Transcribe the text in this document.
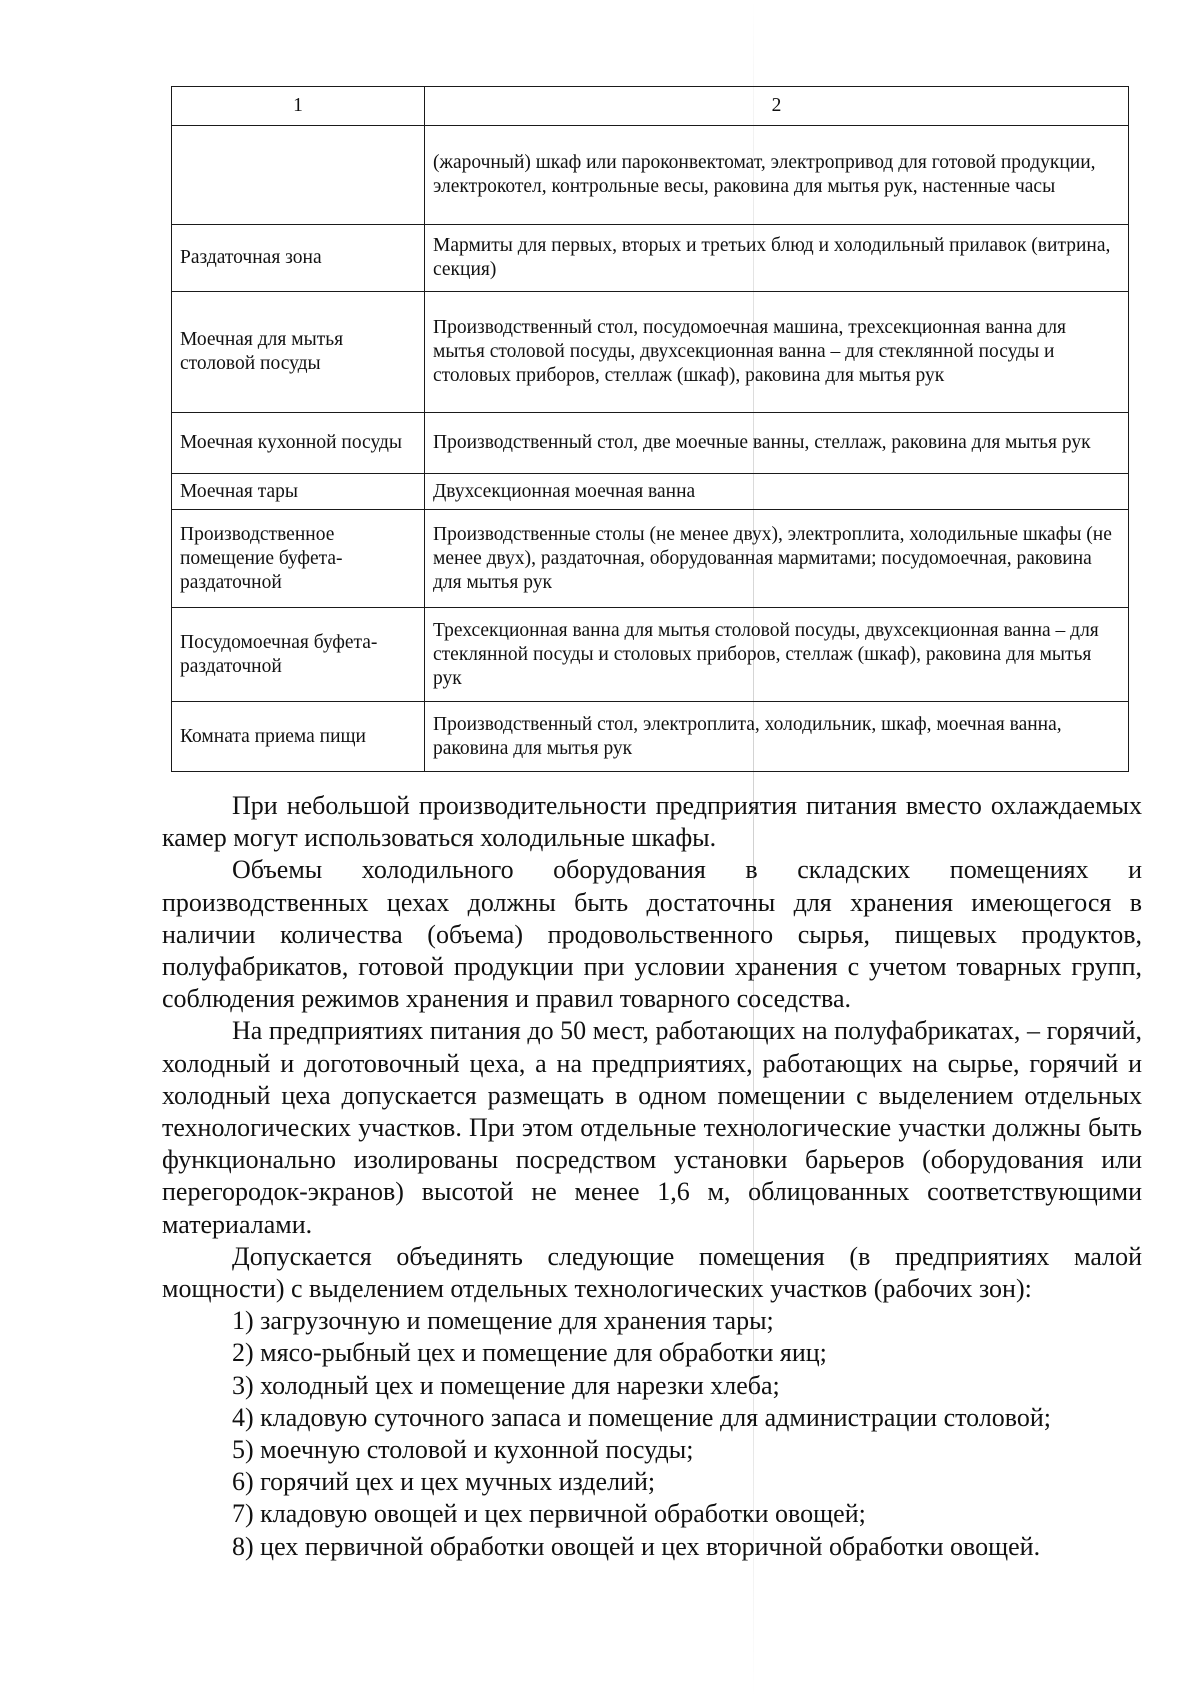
1	2
	(жарочный) шкаф или пароконвектомат, электропривод для готовой продукции, электрокотел, контрольные весы, раковина для мытья рук, настенные часы
Раздаточная зона	Мармиты для первых, вторых и третьих блюд и холодильный прилавок (витрина, секция)
Моечная для мытья столовой посуды	Производственный стол, посудомоечная машина, трехсекционная ванна для мытья столовой посуды, двухсекционная ванна – для стеклянной посуды и столовых приборов, стеллаж (шкаф), раковина для мытья рук
Моечная кухонной посуды	Производственный стол, две моечные ванны, стеллаж, раковина для мытья рук
Моечная тары	Двухсекционная моечная ванна
Производственное помещение буфета-раздаточной	Производственные столы (не менее двух), электроплита, холодильные шкафы (не менее двух), раздаточная, оборудованная мармитами; посудомоечная, раковина для мытья рук
Посудомоечная буфета-раздаточной	Трехсекционная ванна для мытья столовой посуды, двухсекционная ванна – для стеклянной посуды и столовых приборов, стеллаж (шкаф), раковина для мытья рук
Комната приема пищи	Производственный стол, электроплита, холодильник, шкаф, моечная ванна, раковина для мытья рук

При небольшой производительности предприятия питания вместо охлаждаемых камер могут использоваться холодильные шкафы.

Объемы холодильного оборудования в складских помещениях и производственных цехах должны быть достаточны для хранения имеющегося в наличии количества (объема) продовольственного сырья, пищевых продуктов, полуфабрикатов, готовой продукции при условии хранения с учетом товарных групп, соблюдения режимов хранения и правил товарного соседства.

На предприятиях питания до 50 мест, работающих на полуфабрикатах, – горячий, холодный и доготовочный цеха, а на предприятиях, работающих на сырье, горячий и холодный цеха допускается размещать в одном помещении с выделением отдельных технологических участков. При этом отдельные технологические участки должны быть функционально изолированы посредством установки барьеров (оборудования или перегородок-экранов) высотой не менее 1,6 м, облицованных соответствующими материалами.

Допускается объединять следующие помещения (в предприятиях малой мощности) с выделением отдельных технологических участков (рабочих зон):

1) загрузочную и помещение для хранения тары;
2) мясо-рыбный цех и помещение для обработки яиц;
3) холодный цех и помещение для нарезки хлеба;
4) кладовую суточного запаса и помещение для администрации столовой;
5) моечную столовой и кухонной посуды;
6) горячий цех и цех мучных изделий;
7) кладовую овощей и цех первичной обработки овощей;
8) цех первичной обработки овощей и цех вторичной обработки овощей.
